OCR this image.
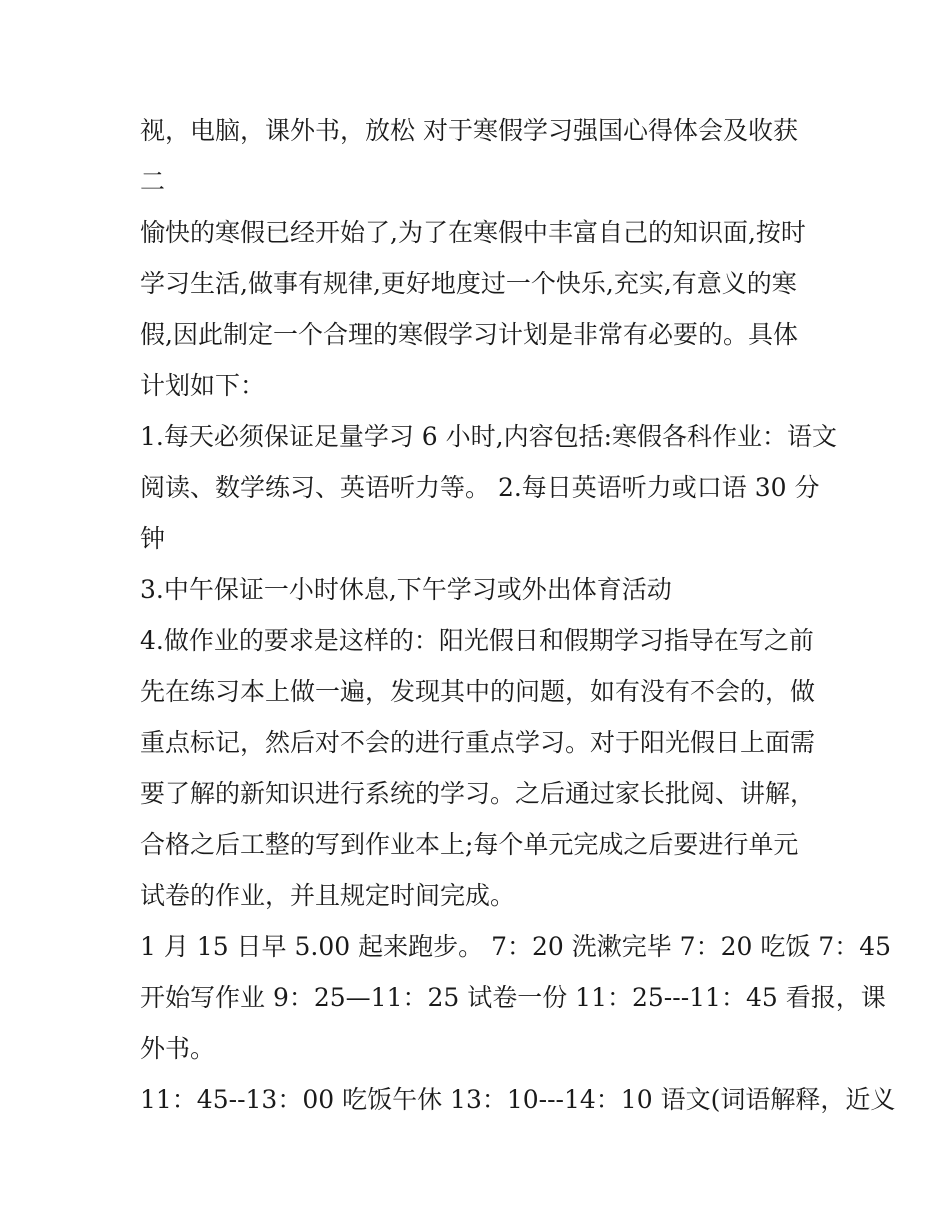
视，电脑，课外书，放松 对于寒假学习强国心得体会及收获
二
愉快的寒假已经开始了,为了在寒假中丰富自己的知识面,按时
学习生活,做事有规律,更好地度过一个快乐,充实,有意义的寒
假,因此制定一个合理的寒假学习计划是非常有必要的。具体
计划如下：
1.每天必须保证足量学习 6 小时,内容包括:寒假各科作业：语文
阅读、数学练习、英语听力等。 2.每日英语听力或口语 30 分
钟
3.中午保证一小时休息,下午学习或外出体育活动
4.做作业的要求是这样的：阳光假日和假期学习指导在写之前
先在练习本上做一遍，发现其中的问题，如有没有不会的，做
重点标记，然后对不会的进行重点学习。对于阳光假日上面需
要了解的新知识进行系统的学习。之后通过家长批阅、讲解，
合格之后工整的写到作业本上;每个单元完成之后要进行单元
试卷的作业，并且规定时间完成。
1 月 15 日早 5.00 起来跑步。 7：20 洗漱完毕 7：20 吃饭 7：45
开始写作业 9：25—11：25 试卷一份 11：25---11：45 看报，课
外书。
11：45--13：00 吃饭午休 13：10---14：10 语文(词语解释，近义
